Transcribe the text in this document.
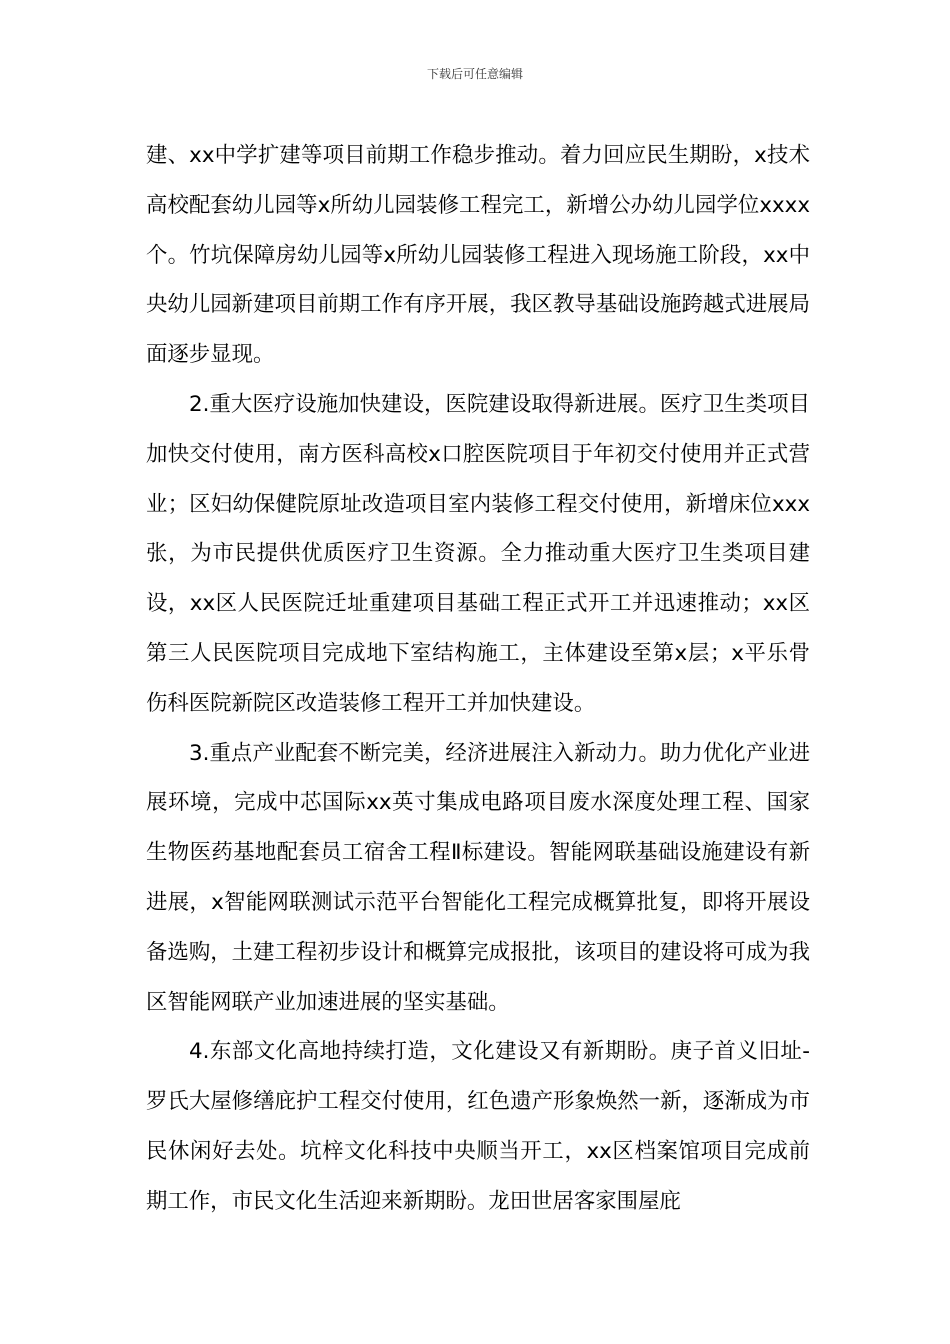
下载后可任意编辑

建、xx中学扩建等项目前期工作稳步推动。着力回应民生期盼，x技术高校配套幼儿园等x所幼儿园装修工程完工，新增公办幼儿园学位xxxx个。竹坑保障房幼儿园等x所幼儿园装修工程进入现场施工阶段，xx中央幼儿园新建项目前期工作有序开展，我区教导基础设施跨越式进展局面逐步显现。

2.重大医疗设施加快建设，医院建设取得新进展。医疗卫生类项目加快交付使用，南方医科高校x口腔医院项目于年初交付使用并正式营业；区妇幼保健院原址改造项目室内装修工程交付使用，新增床位xxx张，为市民提供优质医疗卫生资源。全力推动重大医疗卫生类项目建设，xx区人民医院迁址重建项目基础工程正式开工并迅速推动；xx区第三人民医院项目完成地下室结构施工，主体建设至第x层；x平乐骨伤科医院新院区改造装修工程开工并加快建设。

3.重点产业配套不断完美，经济进展注入新动力。助力优化产业进展环境，完成中芯国际xx英寸集成电路项目废水深度处理工程、国家生物医药基地配套员工宿舍工程Ⅱ标建设。智能网联基础设施建设有新进展，x智能网联测试示范平台智能化工程完成概算批复，即将开展设备选购，土建工程初步设计和概算完成报批，该项目的建设将可成为我区智能网联产业加速进展的坚实基础。

4.东部文化高地持续打造，文化建设又有新期盼。庚子首义旧址-罗氏大屋修缮庇护工程交付使用，红色遗产形象焕然一新，逐渐成为市民休闲好去处。坑梓文化科技中央顺当开工，xx区档案馆项目完成前期工作，市民文化生活迎来新期盼。龙田世居客家围屋庇
